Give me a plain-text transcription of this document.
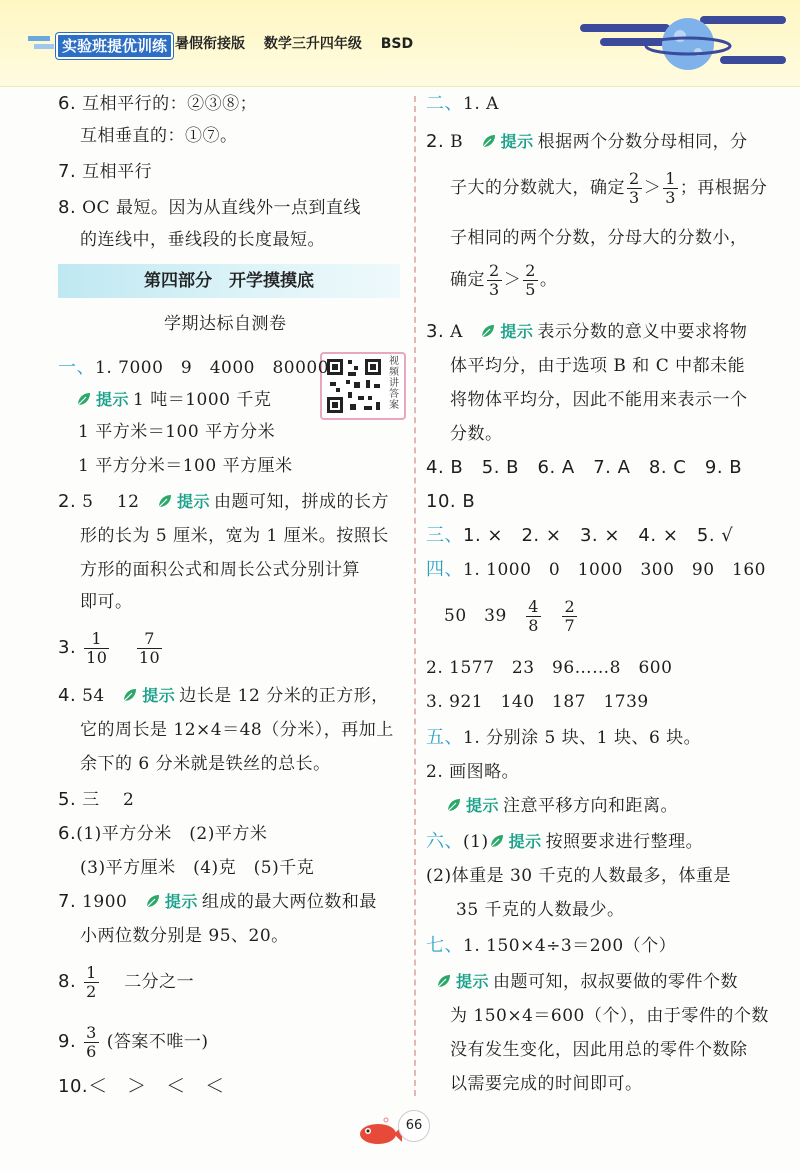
实验班提优训练 暑假衔接版 数学三升四年级 BSD
6. 互相平行的：②③⑧；
互相垂直的：①⑦。
7. 互相平行
8. OC 最短。因为从直线外一点到直线
的连线中，垂线段的长度最短。
第四部分　开学摸摸底
学期达标自测卷
视频讲答案
一、1. 7000　9　4000　80000
提示 1 吨＝1000 千克
1 平方米＝100 平方分米
1 平方分米＝100 平方厘米
2. 5　 12　 提示 由题可知，拼成的长方
形的长为 5 厘米，宽为 1 厘米。按照长
方形的面积公式和周长公式分别计算
即可。
3. $\frac{1}{10}$
　 $\frac{7}{10}$
4. 54　 提示 边长是 12 分米的正方形，
它的周长是 12×4＝48（分米），再加上
余下的 6 分米就是铁丝的总长。
5. 三　 2
6.(1)平方分米　(2)平方米
(3)平方厘米　(4)克　(5)千克
7. 1900　 提示 组成的最大两位数和最
小两位数分别是 95、20。
8. $\frac{1}{2}$
　 二分之一
9. $\frac{3}{6}$ (答案不唯一)
10.＜　＞　＜　＜
二、1. A
2. B　 提示 根据两个分数分母相同，分
子大的分数就大，确定 $\frac{2}{3} > \frac{1}{3}$ ；再根据分
子相同的两个分数，分母大的分数小，
确定 $\frac{2}{3} > \frac{2}{5}$ 。
3. A　 提示 表示分数的意义中要求将物
体平均分，由于选项 B 和 C 中都未能
将物体平均分，因此不能用来表示一个
分数。
4. B　5. B　6. A　7. A　8. C　9. B
10. B
三、1. ×　2. ×　3. ×　4. ×　5. √
四、1. 1000　0　1000　300　90　160
50　39　 $\frac{4}{8}$
　 $\frac{2}{7}$
2. 1577　23　96……8　600
3. 921　140　187　1739
五、1. 分别涂 5 块、1 块、6 块。
2. 画图略。
提示 注意平移方向和距离。
六、(1) 提示 按照要求进行整理。
(2)体重是 30 千克的人数最多，体重是
35 千克的人数最少。
七、1. 150×4÷3＝200（个）
提示 由题可知，叔叔要做的零件个数
为 150×4＝600（个），由于零件的个数
没有发生变化，因此用总的零件个数除
以需要完成的时间即可。
66
